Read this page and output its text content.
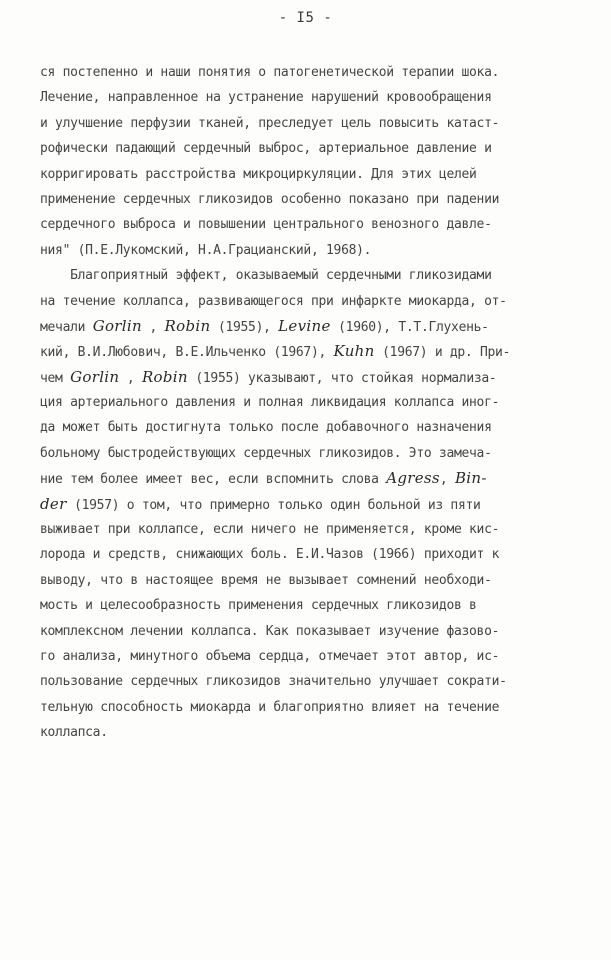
- I5 -
ся постепенно и наши понятия о патогенетической терапии шока.
Лечение, направленное на устранение нарушений кровообращения
и улучшение перфузии тканей, преследует цель повысить катаст-
рофически падающий сердечный выброс, артериальное давление и
корригировать расстройства микроциркуляции. Для этих целей
применение сердечных гликозидов особенно показано при падении
сердечного выброса и повышении центрального венозного давле-
ния" (П.Е.Лукомский, Н.А.Грацианский, 1968).
Благоприятный эффект, оказываемый сердечными гликозидами
на течение коллапса, развивающегося при инфаркте миокарда, от-
мечали Gorlin , Robin (1955), Levine (1960), Т.Т.Глухень-
кий, В.И.Любович, В.Е.Ильченко (1967), Kuhn (1967) и др. При-
чем Gorlin , Robin (1955) указывают, что стойкая нормализа-
ция артериального давления и полная ликвидация коллапса иног-
да может быть достигнута только после добавочного назначения
больному быстродействующих сердечных гликозидов. Это замеча-
ние тем более имеет вес, если вспомнить слова Agress, Bin-
der (1957) о том, что примерно только один больной из пяти
выживает при коллапсе, если ничего не применяется, кроме кис-
лорода и средств, снижающих боль. Е.И.Чазов (1966) приходит к
выводу, что в настоящее время не вызывает сомнений необходи-
мость и целесообразность применения сердечных гликозидов в
комплексном лечении коллапса. Как показывает изучение фазово-
го анализа, минутного объема сердца, отмечает этот автор, ис-
пользование сердечных гликозидов значительно улучшает сократи-
тельную способность миокарда и благоприятно влияет на течение
коллапса.
